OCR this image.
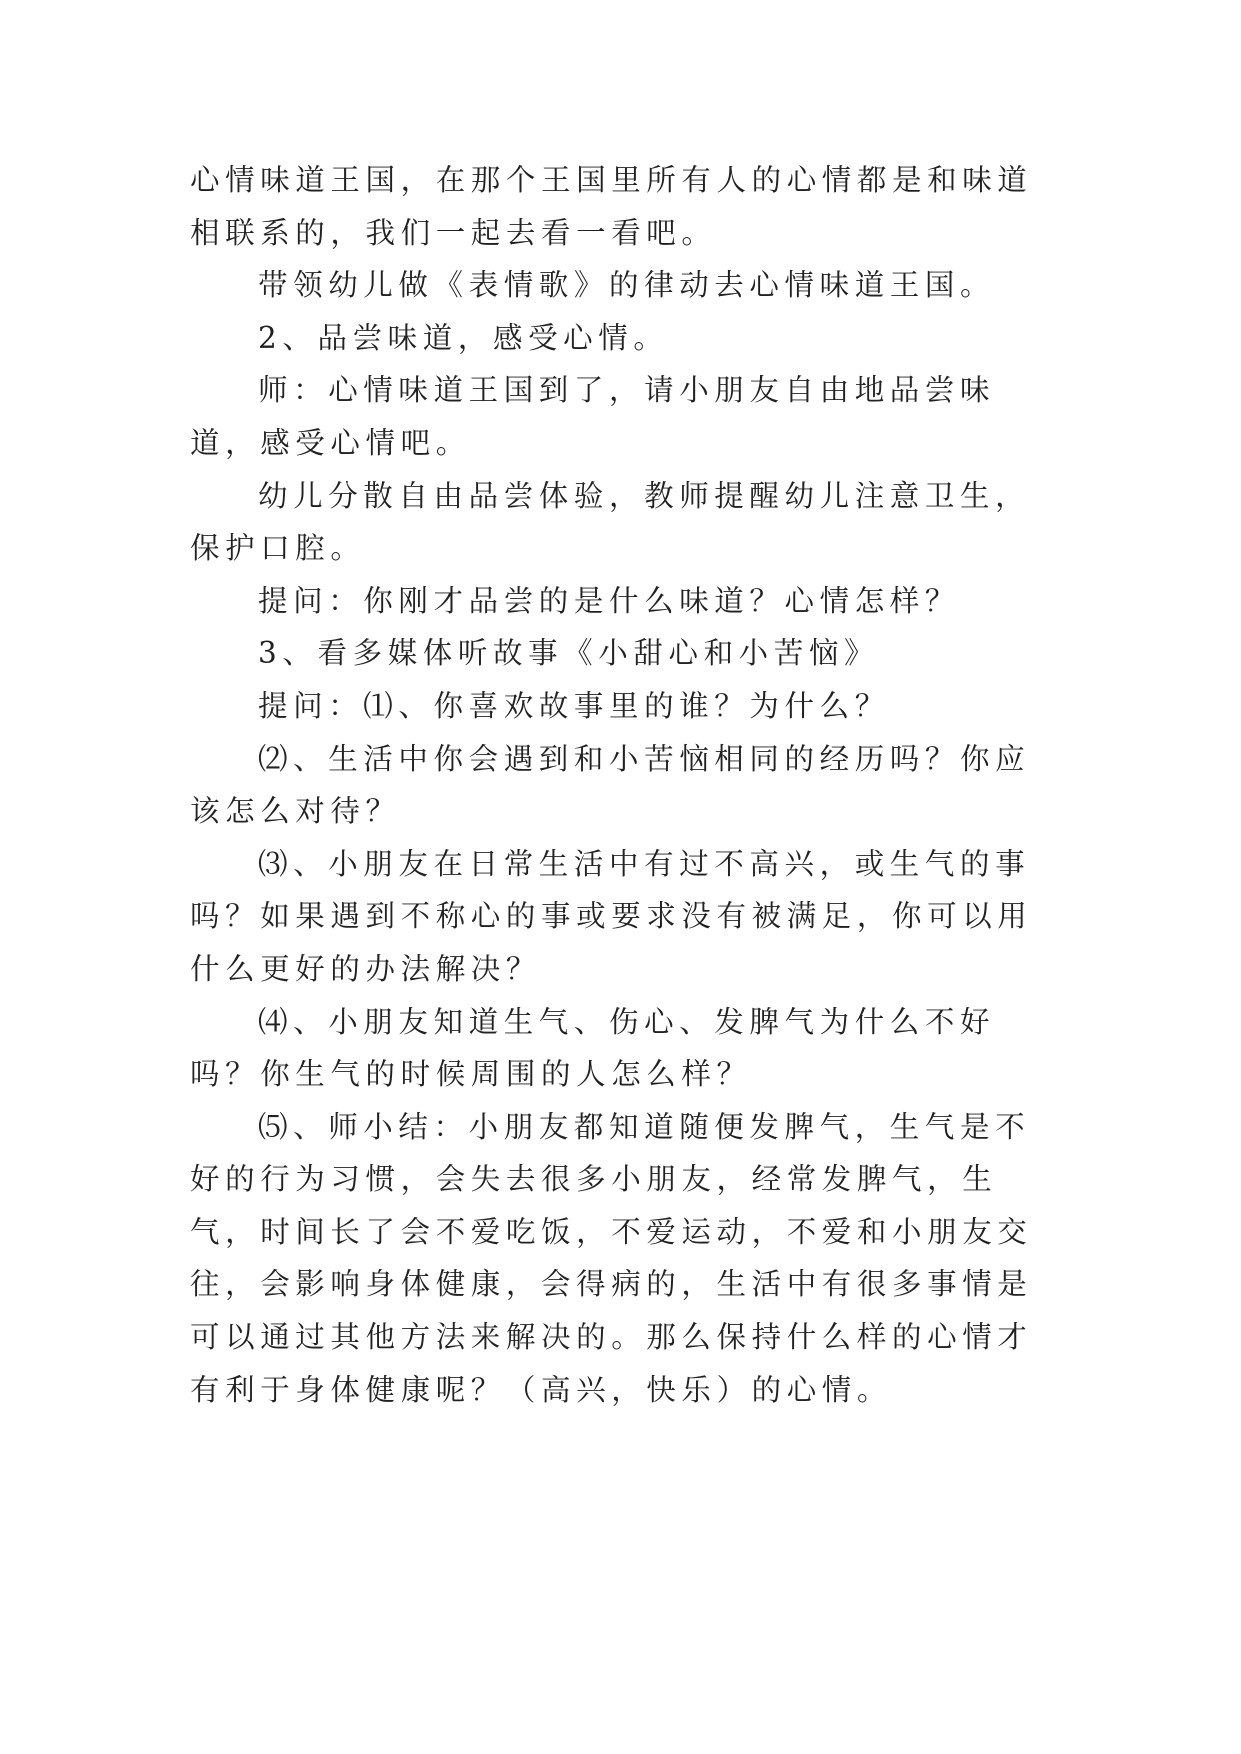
心情味道王国，在那个王国里所有人的心情都是和味道相联系的，我们一起去看一看吧。

带领幼儿做《表情歌》的律动去心情味道王国。

2、品尝味道，感受心情。

师：心情味道王国到了，请小朋友自由地品尝味道，感受心情吧。

幼儿分散自由品尝体验，教师提醒幼儿注意卫生，保护口腔。

提问：你刚才品尝的是什么味道？心情怎样？

3、看多媒体听故事《小甜心和小苦恼》

提问：⑴、你喜欢故事里的谁？为什么？

⑵、生活中你会遇到和小苦恼相同的经历吗？你应该怎么对待？

⑶、小朋友在日常生活中有过不高兴，或生气的事吗？如果遇到不称心的事或要求没有被满足，你可以用什么更好的办法解决？

⑷、小朋友知道生气、伤心、发脾气为什么不好吗？你生气的时候周围的人怎么样？

⑸、师小结：小朋友都知道随便发脾气，生气是不好的行为习惯，会失去很多小朋友，经常发脾气，生气，时间长了会不爱吃饭，不爱运动，不爱和小朋友交往，会影响身体健康，会得病的，生活中有很多事情是可以通过其他方法来解决的。那么保持什么样的心情才有利于身体健康呢？（高兴，快乐）的心情。
